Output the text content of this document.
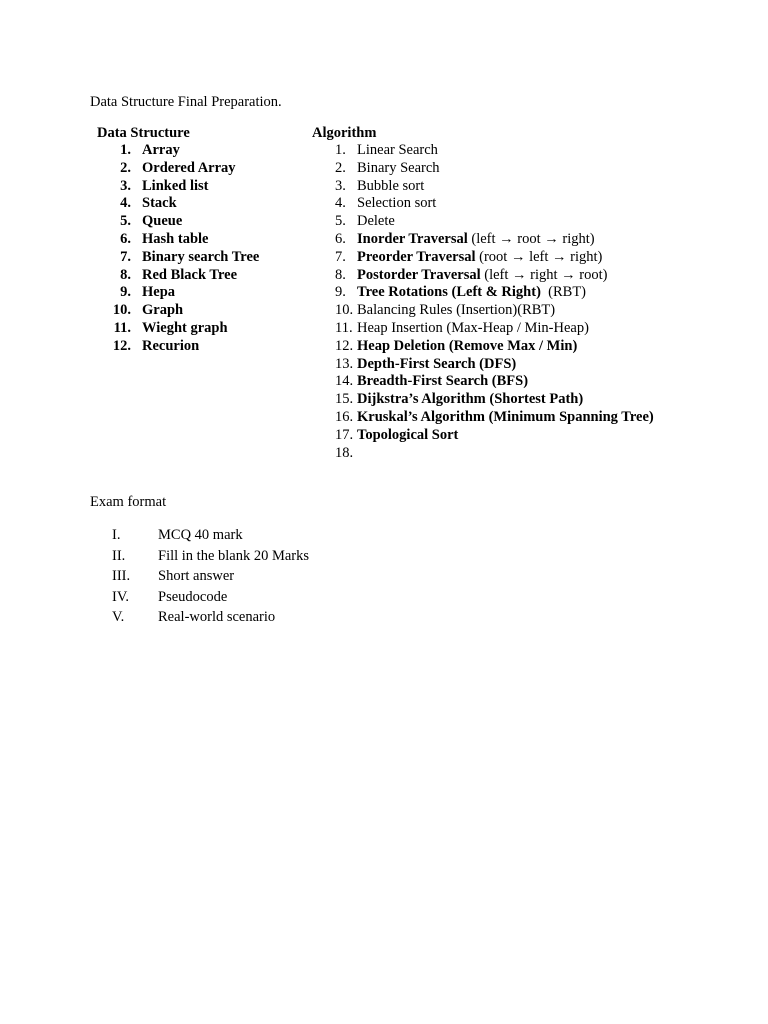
Data Structure Final Preparation.
Data Structure
1. Array
2. Ordered Array
3. Linked list
4. Stack
5. Queue
6. Hash table
7. Binary search Tree
8. Red Black Tree
9. Hepa
10. Graph
11. Wieght graph
12. Recurion
Algorithm
1. Linear Search
2. Binary Search
3. Bubble sort
4. Selection sort
5. Delete
6. Inorder Traversal (left → root → right)
7. Preorder Traversal (root → left → right)
8. Postorder Traversal (left → right → root)
9. Tree Rotations (Left & Right)  (RBT)
10. Balancing Rules (Insertion)(RBT)
11. Heap Insertion (Max-Heap / Min-Heap)
12. Heap Deletion (Remove Max / Min)
13. Depth-First Search (DFS)
14. Breadth-First Search (BFS)
15. Dijkstra’s Algorithm (Shortest Path)
16. Kruskal’s Algorithm (Minimum Spanning Tree)
17. Topological Sort
18.
Exam format
I.	MCQ 40 mark
II.	Fill in the blank 20 Marks
III.	Short answer
IV.	Pseudocode
V.	Real-world scenario
